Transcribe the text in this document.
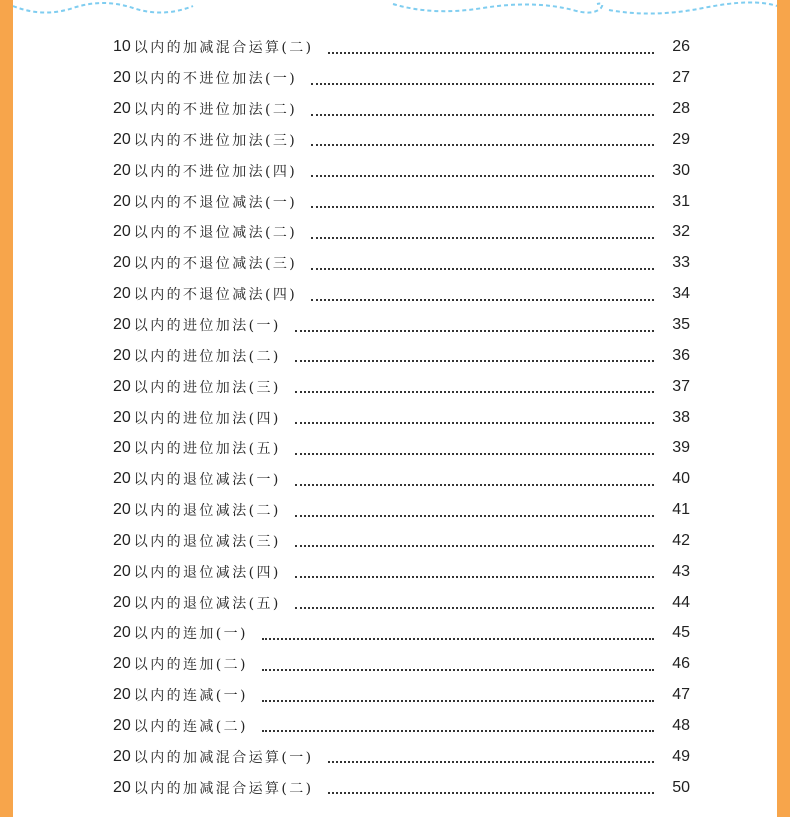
10 以内的加减混合运算(二)	26
20 以内的不进位加法(一)	27
20 以内的不进位加法(二)	28
20 以内的不进位加法(三)	29
20 以内的不进位加法(四)	30
20 以内的不退位减法(一)	31
20 以内的不退位减法(二)	32
20 以内的不退位减法(三)	33
20 以内的不退位减法(四)	34
20 以内的进位加法(一)	35
20 以内的进位加法(二)	36
20 以内的进位加法(三)	37
20 以内的进位加法(四)	38
20 以内的进位加法(五)	39
20 以内的退位减法(一)	40
20 以内的退位减法(二)	41
20 以内的退位减法(三)	42
20 以内的退位减法(四)	43
20 以内的退位减法(五)	44
20 以内的连加(一)	45
20 以内的连加(二)	46
20 以内的连减(一)	47
20 以内的连减(二)	48
20 以内的加减混合运算(一)	49
20 以内的加减混合运算(二)	50
